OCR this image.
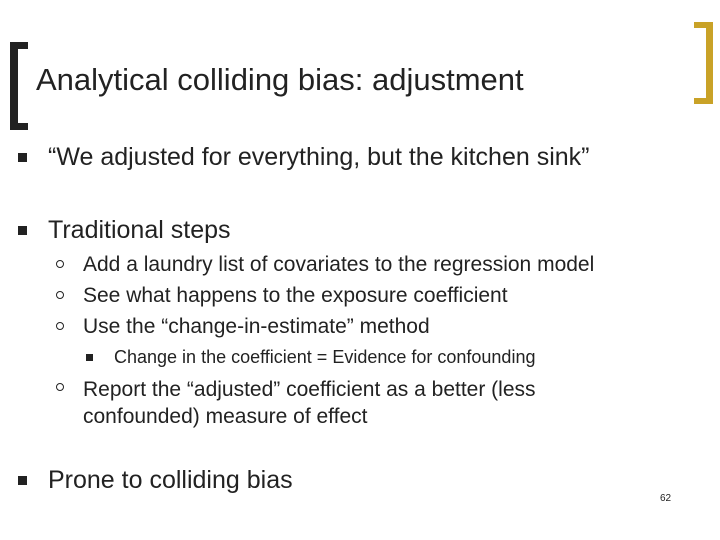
Analytical colliding bias: adjustment
“We adjusted for everything, but the kitchen sink”
Traditional steps
Add a laundry list of covariates to the regression model
See what happens to the exposure coefficient
Use the “change-in-estimate” method
Change in the coefficient = Evidence for confounding
Report the “adjusted” coefficient as a better (less
confounded) measure of effect
Prone to colliding bias
62
